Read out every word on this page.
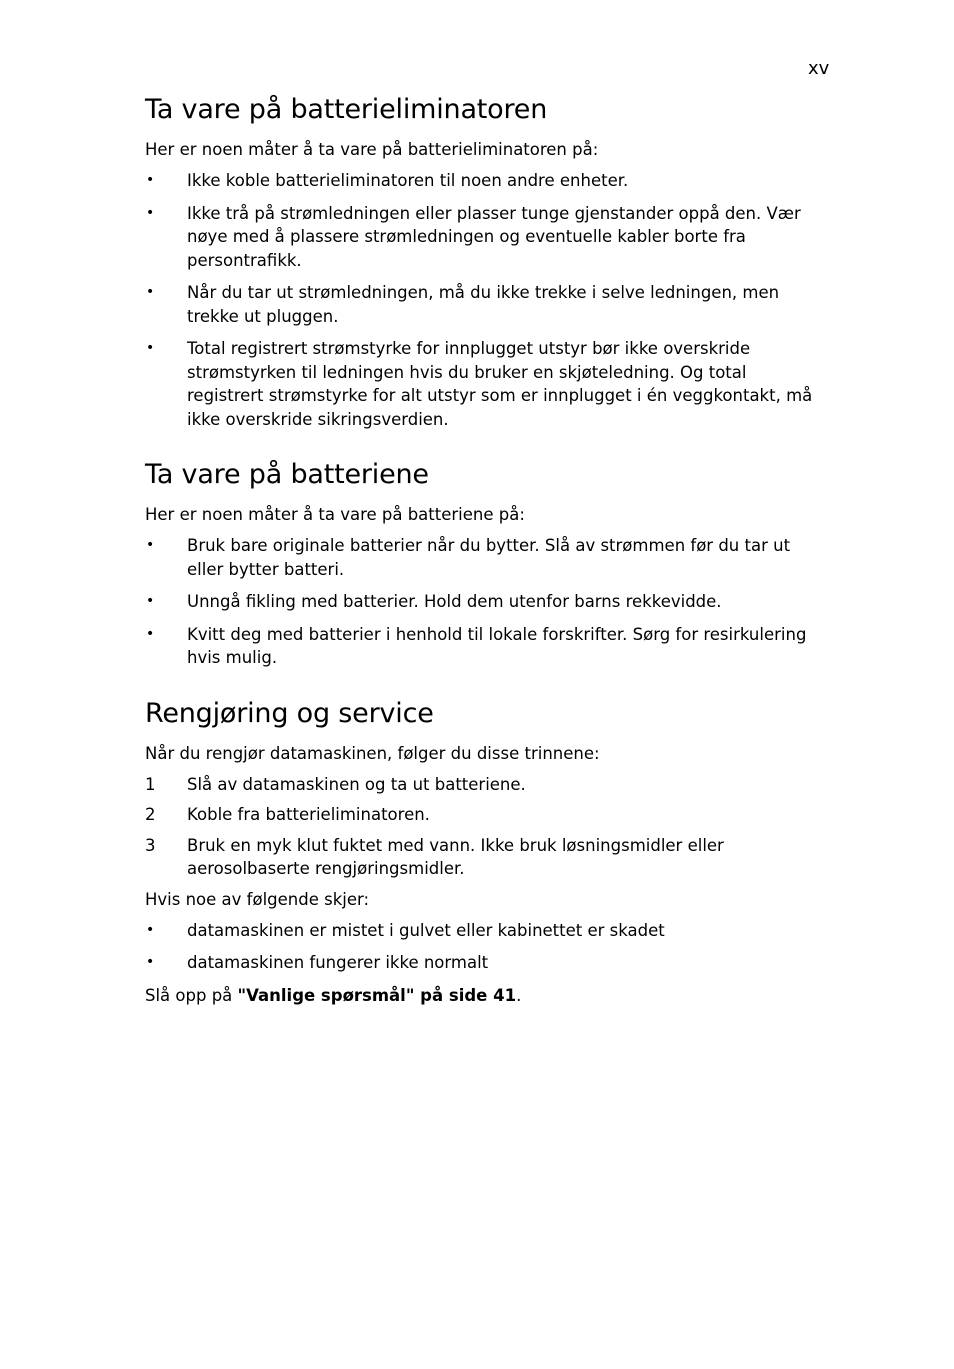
xv
Ta vare på batterieliminatoren

Her er noen måter å ta vare på batterieliminatoren på:

•	Ikke koble batterieliminatoren til noen andre enheter.
•	Ikke trå på strømledningen eller plasser tunge gjenstander oppå den. Vær nøye med å plassere strømledningen og eventuelle kabler borte fra persontrafikk.
•	Når du tar ut strømledningen, må du ikke trekke i selve ledningen, men trekke ut pluggen.
•	Total registrert strømstyrke for innplugget utstyr bør ikke overskride strømstyrken til ledningen hvis du bruker en skjøteledning. Og total registrert strømstyrke for alt utstyr som er innplugget i én veggkontakt, må ikke overskride sikringsverdien.
Ta vare på batteriene

Her er noen måter å ta vare på batteriene på:

•	Bruk bare originale batterier når du bytter. Slå av strømmen før du tar ut eller bytter batteri.
•	Unngå fikling med batterier. Hold dem utenfor barns rekkevidde.
•	Kvitt deg med batterier i henhold til lokale forskrifter. Sørg for resirkulering hvis mulig.
Rengjøring og service

Når du rengjør datamaskinen, følger du disse trinnene:

1	Slå av datamaskinen og ta ut batteriene.
2	Koble fra batterieliminatoren.
3	Bruk en myk klut fuktet med vann. Ikke bruk løsningsmidler eller aerosolbaserte rengjøringsmidler.

Hvis noe av følgende skjer:

•	datamaskinen er mistet i gulvet eller kabinettet er skadet
•	datamaskinen fungerer ikke normalt

Slå opp på "Vanlige spørsmål" på side 41.
